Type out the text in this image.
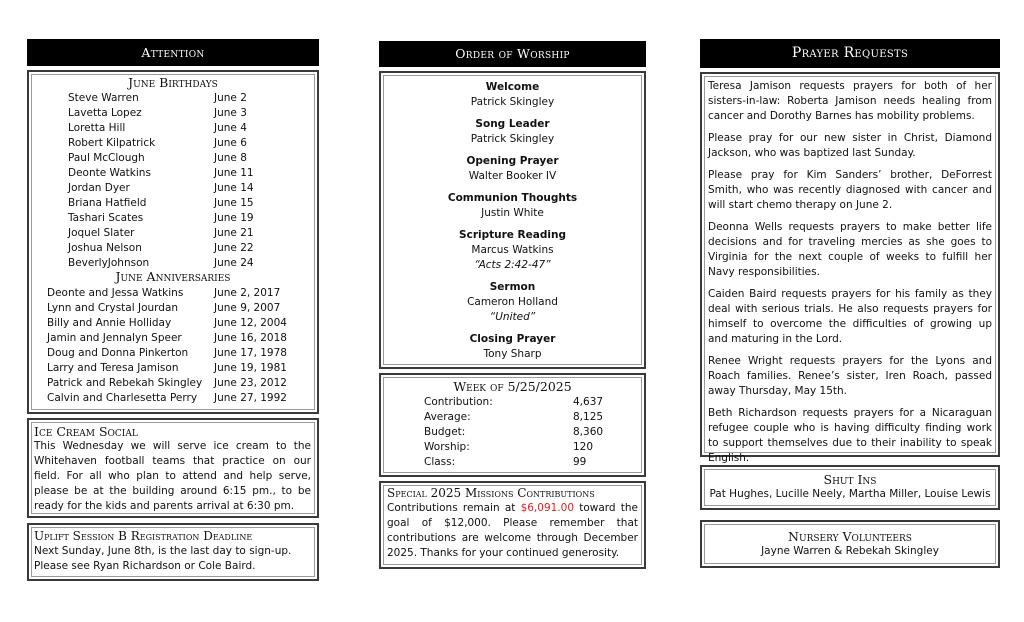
Attention
June Birthdays
Steve Warren	June 2
Lavetta Lopez	June 3
Loretta Hill	June 4
Robert Kilpatrick	June 6
Paul McClough	June 8
Deonte Watkins	June 11
Jordan Dyer	June 14
Briana Hatfield	June 15
Tashari Scates	June 19
Joquel Slater	June 21
Joshua Nelson	June 22
BeverlyJohnson	June 24
June Anniversaries
Deonte and Jessa Watkins	June 2, 2017
Lynn and Crystal Jourdan	June 9, 2007
Billy and Annie Holliday	June 12, 2004
Jamin and Jennalyn Speer	June 16, 2018
Doug and Donna Pinkerton June 17, 1978
Larry and Teresa Jamison	June 19, 1981
Patrick and Rebekah Skingley June 23, 2012
Calvin and Charlesetta Perry June 27, 1992
Ice Cream Social
This Wednesday we will serve ice cream to the Whitehaven football teams that practice on our field. For all who plan to attend and help serve, please be at the building around 6:15 pm., to be ready for the kids and parents arrival at 6:30 pm.
Uplift Session B Registration Deadline
Next Sunday, June 8th, is the last day to sign-up. Please see Ryan Richardson or Cole Baird.
Order of Worship
Welcome
Patrick Skingley
Song Leader
Patrick Skingley
Opening Prayer
Walter Booker IV
Communion Thoughts
Justin White
Scripture Reading
Marcus Watkins
“Acts 2:42-47”
Sermon
Cameron Holland
“United”
Closing Prayer
Tony Sharp
Week of 5/25/2025
Contribution:	4,637
Average:	8,125
Budget:	8,360
Worship:	120
Class:	99
Special 2025 Missions Contributions
Contributions remain at $6,091.00 toward the goal of $12,000. Please remember that contributions are welcome through December 2025. Thanks for your continued generosity.
Prayer Requests
Teresa Jamison requests prayers for both of her sisters-in-law: Roberta Jamison needs healing from cancer and Dorothy Barnes has mobility problems.
Please pray for our new sister in Christ, Diamond Jackson, who was baptized last Sunday.
Please pray for Kim Sanders’ brother, DeForrest Smith, who was recently diagnosed with cancer and will start chemo therapy on June 2.
Deonna Wells requests prayers to make better life decisions and for traveling mercies as she goes to Virginia for the next couple of weeks to fulfill her Navy responsibilities.
Caiden Baird requests prayers for his family as they deal with serious trials. He also requests prayers for himself to overcome the difficulties of growing up and maturing in the Lord.
Renee Wright requests prayers for the Lyons and Roach families. Renee’s sister, Iren Roach, passed away Thursday, May 15th.
Beth Richardson requests prayers for a Nicaraguan refugee couple who is having difficulty finding work to support themselves due to their inability to speak English.
Shut Ins
Pat Hughes, Lucille Neely, Martha Miller, Louise Lewis
Nursery Volunteers
Jayne Warren & Rebekah Skingley
